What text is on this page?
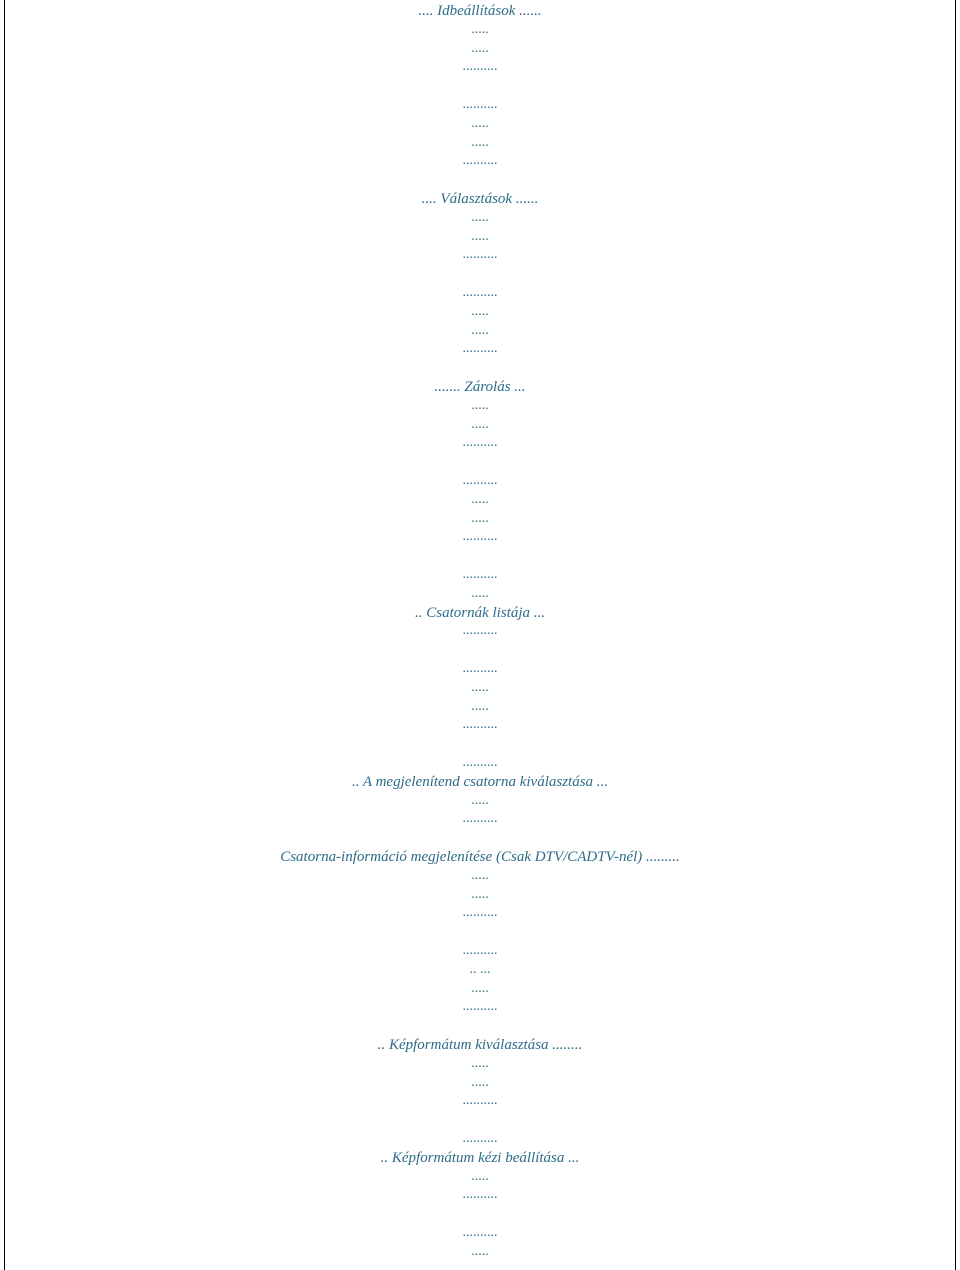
.... Idbeállítások ......
.....
.....
..........
..........
.....
.....
..........
.... Választások ......
.....
.....
..........
..........
.....
.....
..........
....... Zárolás ...
.....
.....
..........
..........
.....
.....
..........
..........
.....
.. Csatornák listája ...
..........
..........
.....
.....
..........
..........
.. A megjelenítend csatorna kiválasztása ...
.....
..........
Csatorna-információ megjelenítése (Csak DTV/CADTV-nél) .........
.....
.....
..........
..........
.. ...
.....
..........
.. Képformátum kiválasztása ........
.....
.....
..........
..........
.. Képformátum kézi beállítása ...
.....
..........
..........
.....
